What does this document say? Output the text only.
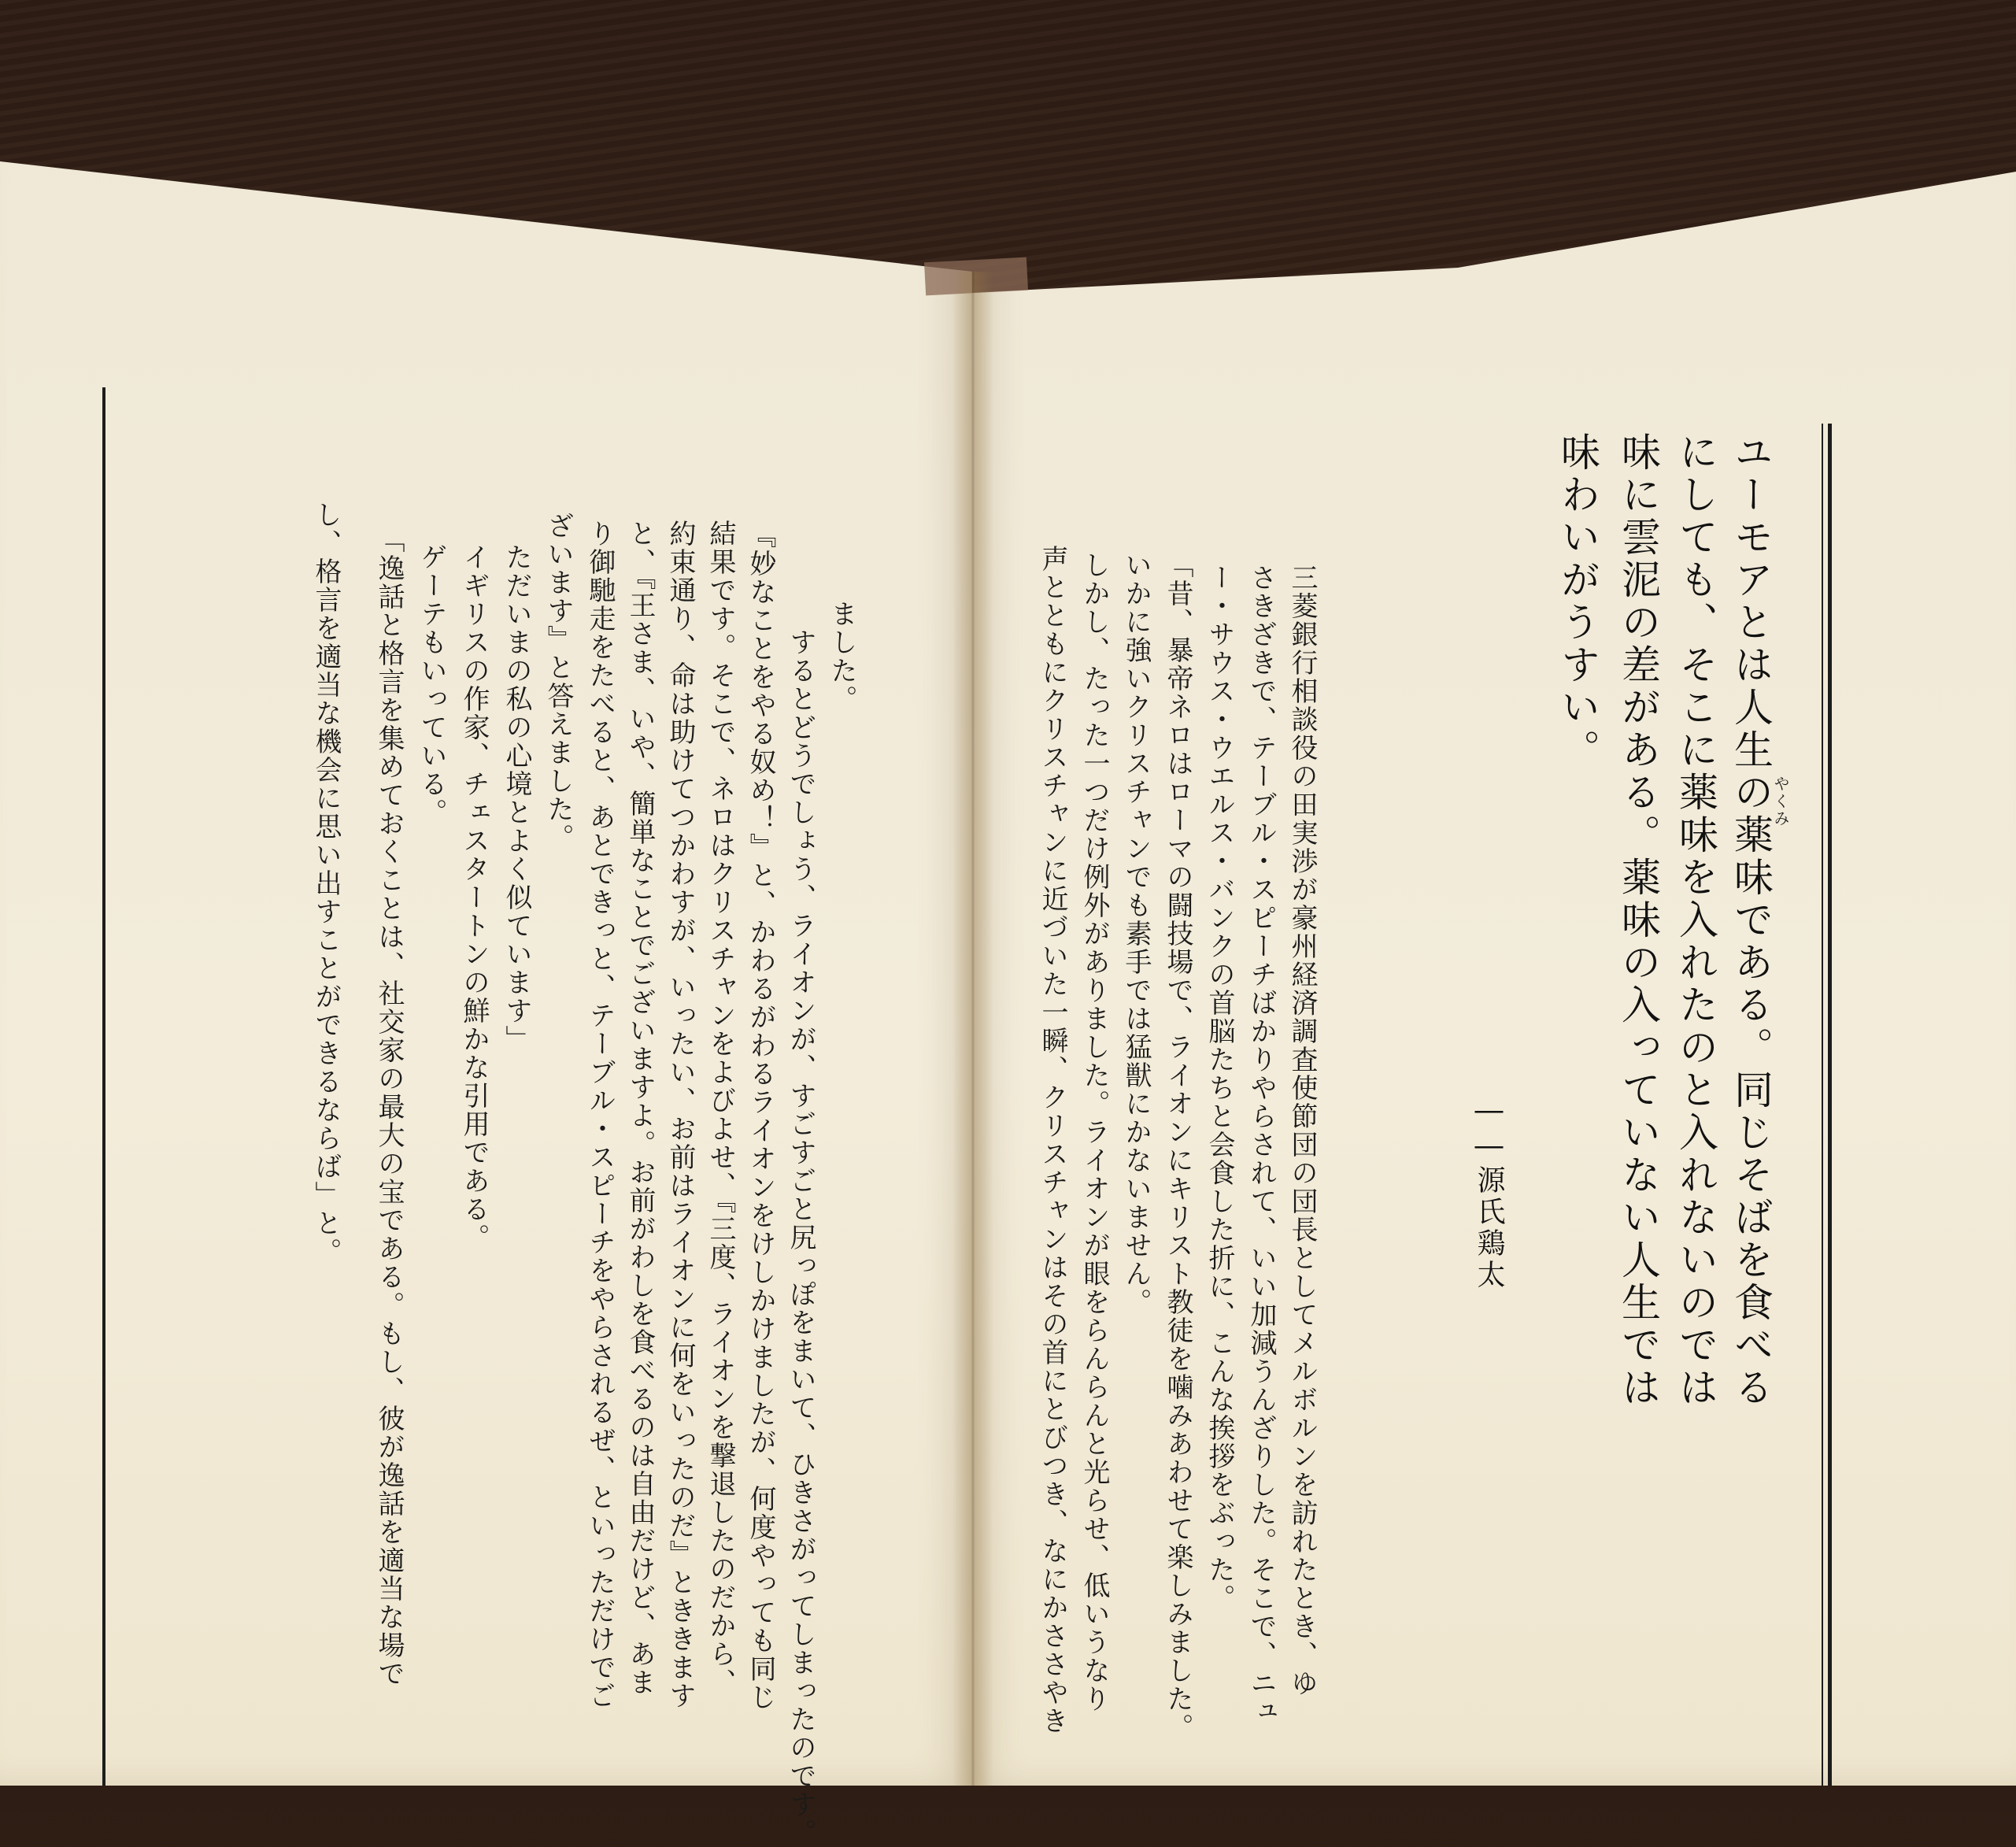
ました。
するとどうでしょう、ライオンが、すごすごと尻っぽをまいて、ひきさがってしまったのです。
『妙なことをやる奴め！』と、かわるがわるライオンをけしかけましたが、何度やっても同じ
結果です。そこで、ネロはクリスチャンをよびよせ、『三度、ライオンを撃退したのだから、
約束通り、命は助けてつかわすが、いったい、お前はライオンに何をいったのだ』とききます
と、『王さま、いや、簡単なことでございますよ。お前がわしを食べるのは自由だけど、あま
り御馳走をたべると、あとできっと、テーブル・スピーチをやらされるぜ、といっただけでご
ざいます』と答えました。
ただいまの私の心境とよく似ています」
イギリスの作家、チェスタートンの鮮かな引用である。
ゲーテもいっている。
「逸話と格言を集めておくことは、社交家の最大の宝である。もし、彼が逸話を適当な場で
し、格言を適当な機会に思い出すことができるならば」と。	ユーモアとは人生の薬味である。同じそばを食べる
やくみ
にしても、そこに薬味を入れたのと入れないのでは
味に雲泥の差がある。薬味の入っていない人生では
味わいがうすい。
――源氏鶏太
三菱銀行相談役の田実渉が豪州経済調査使節団の団長としてメルボルンを訪れたとき、ゆ
さきざきで、テーブル・スピーチばかりやらされて、いい加減うんざりした。そこで、ニュ
ー・サウス・ウエルス・バンクの首脳たちと会食した折に、こんな挨拶をぶった。
「昔、暴帝ネロはローマの闘技場で、ライオンにキリスト教徒を噛みあわせて楽しみました。
いかに強いクリスチャンでも素手では猛獣にかないません。
しかし、たった一つだけ例外がありました。ライオンが眼をらんらんと光らせ、低いうなり
声とともにクリスチャンに近づいた一瞬、クリスチャンはその首にとびつき、なにかささやき
